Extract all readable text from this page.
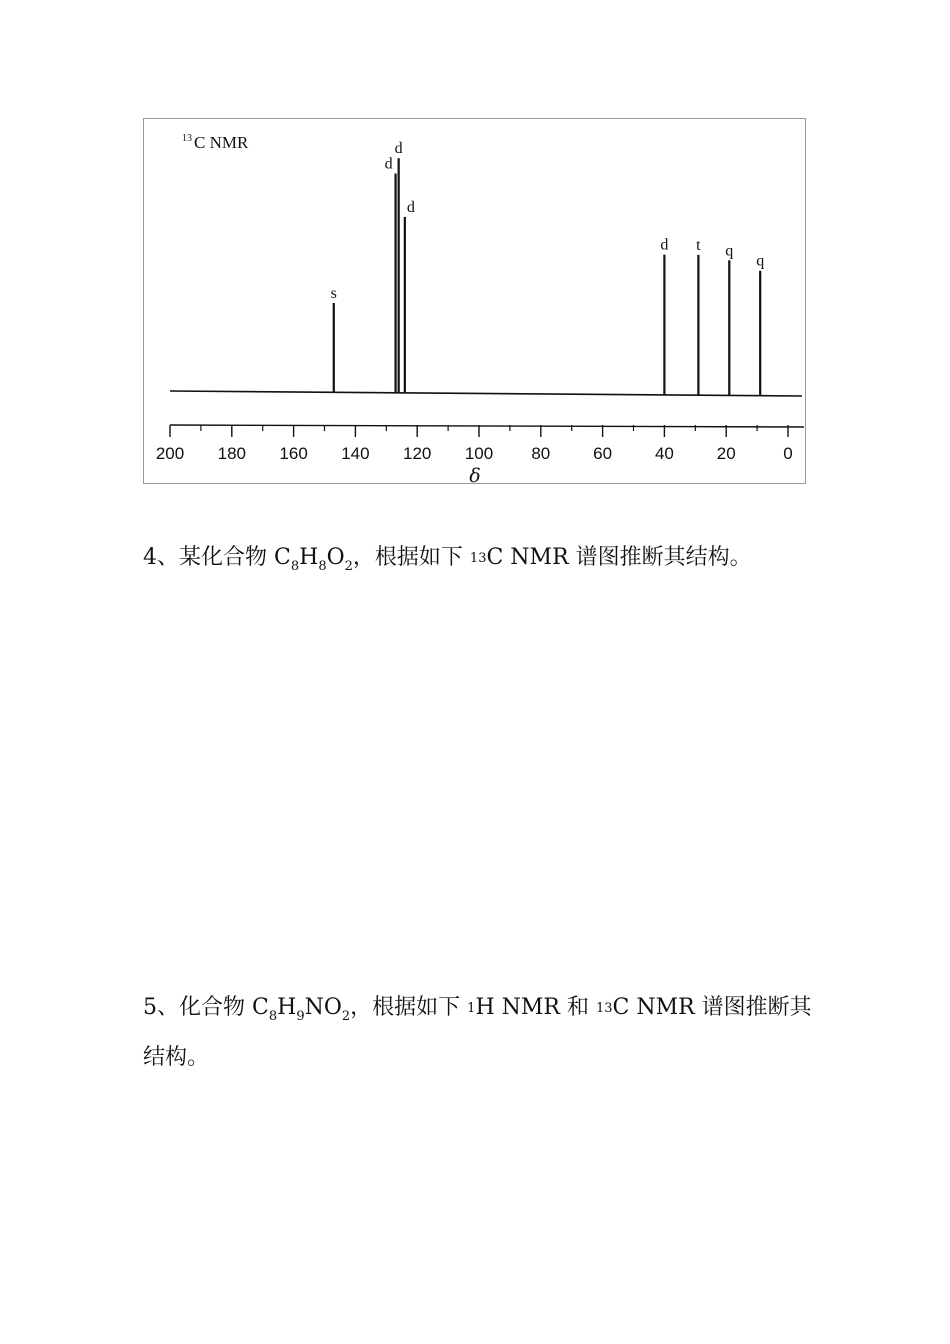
13 C NMR
s
d
d
d
d t q
q
200 180 160 140 120 100 80	60	40	20	0
δ
4、某化合物 $C_8H_8O_2$，根据如下 13C NMR 谱图推断其结构。
5、化合物 $C_8H_9NO_2$，根据如下 1H NMR 和 13C NMR 谱图推断其
结构。
